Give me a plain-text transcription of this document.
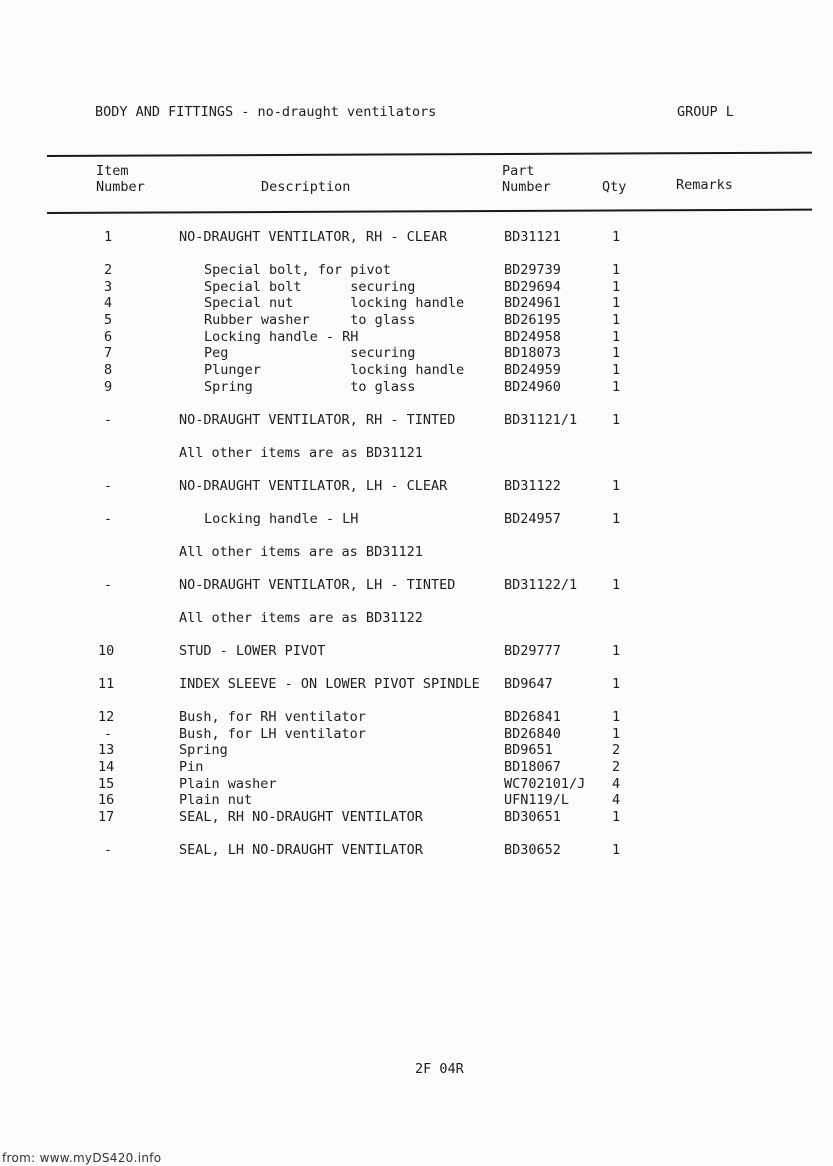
BODY AND FITTINGS - no-draught ventilators	GROUP L
Item
Number	Description
Part
Number	Qty	Remarks
1	NO-DRAUGHT VENTILATOR, RH - CLEAR	BD31121	1
2	Special bolt, for pivot	BD29739	1
3	Special bolt      securing	BD29694	1
4	Special nut       locking handle	BD24961	1
5	Rubber washer     to glass	BD26195	1
6	Locking handle - RH	BD24958	1
7	Peg               securing	BD18073	1
8	Plunger           locking handle	BD24959	1
9	Spring            to glass	BD24960	1
-	NO-DRAUGHT VENTILATOR, RH - TINTED	BD31121/1	1
All other items are as BD31121
-	NO-DRAUGHT VENTILATOR, LH - CLEAR	BD31122	1
-	Locking handle - LH	BD24957	1
All other items are as BD31121
-	NO-DRAUGHT VENTILATOR, LH - TINTED	BD31122/1	1
All other items are as BD31122
10	STUD - LOWER PIVOT	BD29777	1
11	INDEX SLEEVE - ON LOWER PIVOT SPINDLE BD9647	1
12	Bush, for RH ventilator	BD26841	1
-	Bush, for LH ventilator	BD26840	1
13	Spring	BD9651	2
14	Pin	BD18067	2
15	Plain washer	WC702101/J 4
16	Plain nut	UFN119/L	4
17	SEAL, RH NO-DRAUGHT VENTILATOR	BD30651	1
-	SEAL, LH NO-DRAUGHT VENTILATOR	BD30652	1
2F 04R
from: www.myDS420.info
